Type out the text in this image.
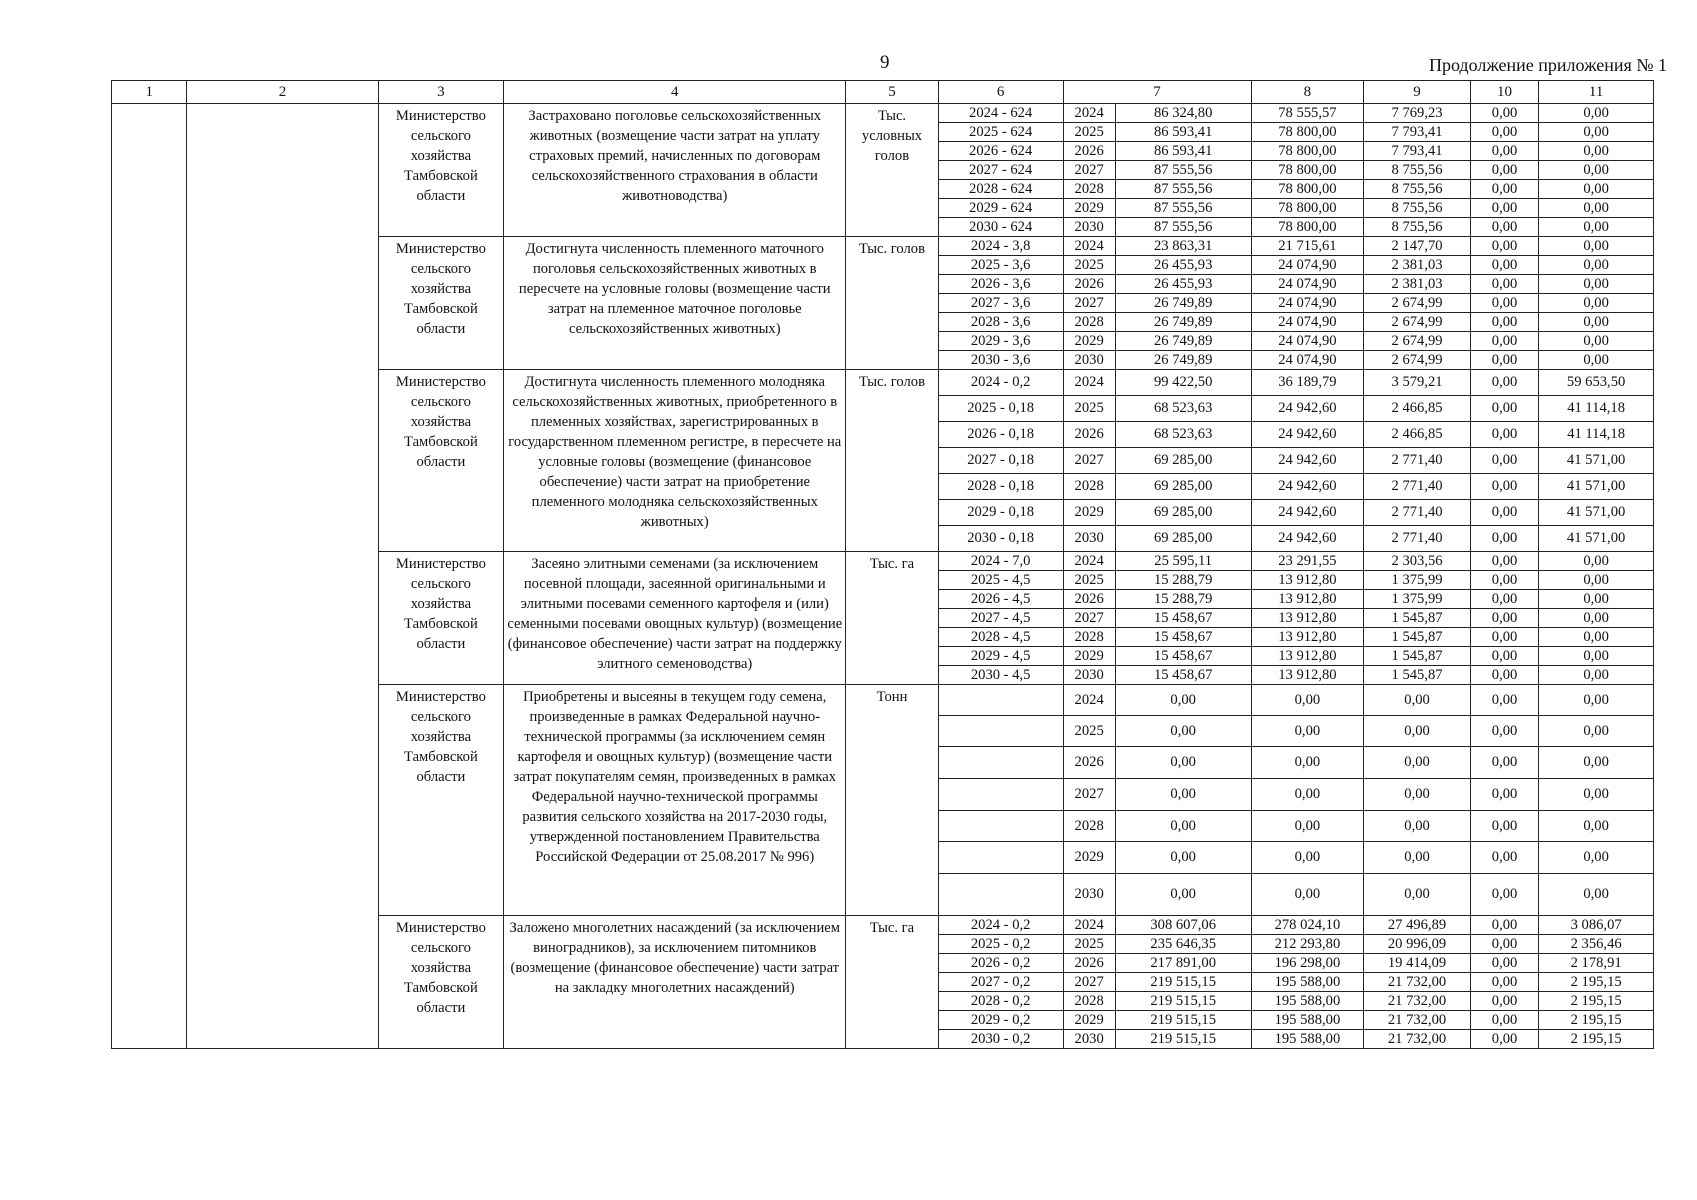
9	Продолжение приложения № 1
1	2	3	4	5	6	7		8	9	10	11
		Министерство сельского хозяйства Тамбовской области	Застраховано поголовье сельскохозяйственных животных (возмещение части затрат на уплату страховых премий, начисленных по договорам сельскохозяйственного страхования в области животноводства)	Тыс. условных голов	2024 - 624	2024	86 324,80	78 555,57	7 769,23	0,00	0,00
					2025 - 624	2025	86 593,41	78 800,00	7 793,41	0,00	0,00
					2026 - 624	2026	86 593,41	78 800,00	7 793,41	0,00	0,00
					2027 - 624	2027	87 555,56	78 800,00	8 755,56	0,00	0,00
					2028 - 624	2028	87 555,56	78 800,00	8 755,56	0,00	0,00
					2029 - 624	2029	87 555,56	78 800,00	8 755,56	0,00	0,00
					2030 - 624	2030	87 555,56	78 800,00	8 755,56	0,00	0,00
		Министерство сельского хозяйства Тамбовской области	Достигнута численность племенного маточного поголовья сельскохозяйственных животных в пересчете на условные головы (возмещение части затрат на племенное маточное поголовье сельскохозяйственных животных)	Тыс. голов	2024 - 3,8	2024	23 863,31	21 715,61	2 147,70	0,00	0,00
					2025 - 3,6	2025	26 455,93	24 074,90	2 381,03	0,00	0,00
					2026 - 3,6	2026	26 455,93	24 074,90	2 381,03	0,00	0,00
					2027 - 3,6	2027	26 749,89	24 074,90	2 674,99	0,00	0,00
					2028 - 3,6	2028	26 749,89	24 074,90	2 674,99	0,00	0,00
					2029 - 3,6	2029	26 749,89	24 074,90	2 674,99	0,00	0,00
					2030 - 3,6	2030	26 749,89	24 074,90	2 674,99	0,00	0,00
		Министерство сельского хозяйства Тамбовской области	Достигнута численность племенного молодняка сельскохозяйственных животных, приобретенного в племенных хозяйствах, зарегистрированных в государственном племенном регистре, в пересчете на условные головы (возмещение (финансовое обеспечение) части затрат на приобретение племенного молодняка сельскохозяйственных животных)	Тыс. голов	2024 - 0,2	2024	99 422,50	36 189,79	3 579,21	0,00	59 653,50
					2025 - 0,18	2025	68 523,63	24 942,60	2 466,85	0,00	41 114,18
					2026 - 0,18	2026	68 523,63	24 942,60	2 466,85	0,00	41 114,18
					2027 - 0,18	2027	69 285,00	24 942,60	2 771,40	0,00	41 571,00
					2028 - 0,18	2028	69 285,00	24 942,60	2 771,40	0,00	41 571,00
					2029 - 0,18	2029	69 285,00	24 942,60	2 771,40	0,00	41 571,00
					2030 - 0,18	2030	69 285,00	24 942,60	2 771,40	0,00	41 571,00
		Министерство сельского хозяйства Тамбовской области	Засеяно элитными семенами (за исключением посевной площади, засеянной оригинальными и элитными посевами семенного картофеля и (или) семенными посевами овощных культур) (возмещение (финансовое обеспечение) части затрат на поддержку элитного семеноводства)	Тыс. га	2024 - 7,0	2024	25 595,11	23 291,55	2 303,56	0,00	0,00
					2025 - 4,5	2025	15 288,79	13 912,80	1 375,99	0,00	0,00
					2026 - 4,5	2026	15 288,79	13 912,80	1 375,99	0,00	0,00
					2027 - 4,5	2027	15 458,67	13 912,80	1 545,87	0,00	0,00
					2028 - 4,5	2028	15 458,67	13 912,80	1 545,87	0,00	0,00
					2029 - 4,5	2029	15 458,67	13 912,80	1 545,87	0,00	0,00
					2030 - 4,5	2030	15 458,67	13 912,80	1 545,87	0,00	0,00
		Министерство сельского хозяйства Тамбовской области	Приобретены и высеяны в текущем году семена, произведенные в рамках Федеральной научно-технической программы (за исключением семян картофеля и овощных культур) (возмещение части затрат покупателям семян, произведенных в рамках Федеральной научно-технической программы развития сельского хозяйства на 2017-2030 годы, утвержденной постановлением Правительства Российской Федерации от 25.08.2017 № 996)	Тонн		2024	0,00	0,00	0,00	0,00	0,00
						2025	0,00	0,00	0,00	0,00	0,00
						2026	0,00	0,00	0,00	0,00	0,00
						2027	0,00	0,00	0,00	0,00	0,00
						2028	0,00	0,00	0,00	0,00	0,00
						2029	0,00	0,00	0,00	0,00	0,00
						2030	0,00	0,00	0,00	0,00	0,00
		Министерство сельского хозяйства Тамбовской области	Заложено многолетних насаждений (за исключением виноградников), за исключением питомников (возмещение (финансовое обеспечение) части затрат на закладку многолетних насаждений)	Тыс. га	2024 - 0,2	2024	308 607,06	278 024,10	27 496,89	0,00	3 086,07
					2025 - 0,2	2025	235 646,35	212 293,80	20 996,09	0,00	2 356,46
					2026 - 0,2	2026	217 891,00	196 298,00	19 414,09	0,00	2 178,91
					2027 - 0,2	2027	219 515,15	195 588,00	21 732,00	0,00	2 195,15
					2028 - 0,2	2028	219 515,15	195 588,00	21 732,00	0,00	2 195,15
					2029 - 0,2	2029	219 515,15	195 588,00	21 732,00	0,00	2 195,15
					2030 - 0,2	2030	219 515,15	195 588,00	21 732,00	0,00	2 195,15
